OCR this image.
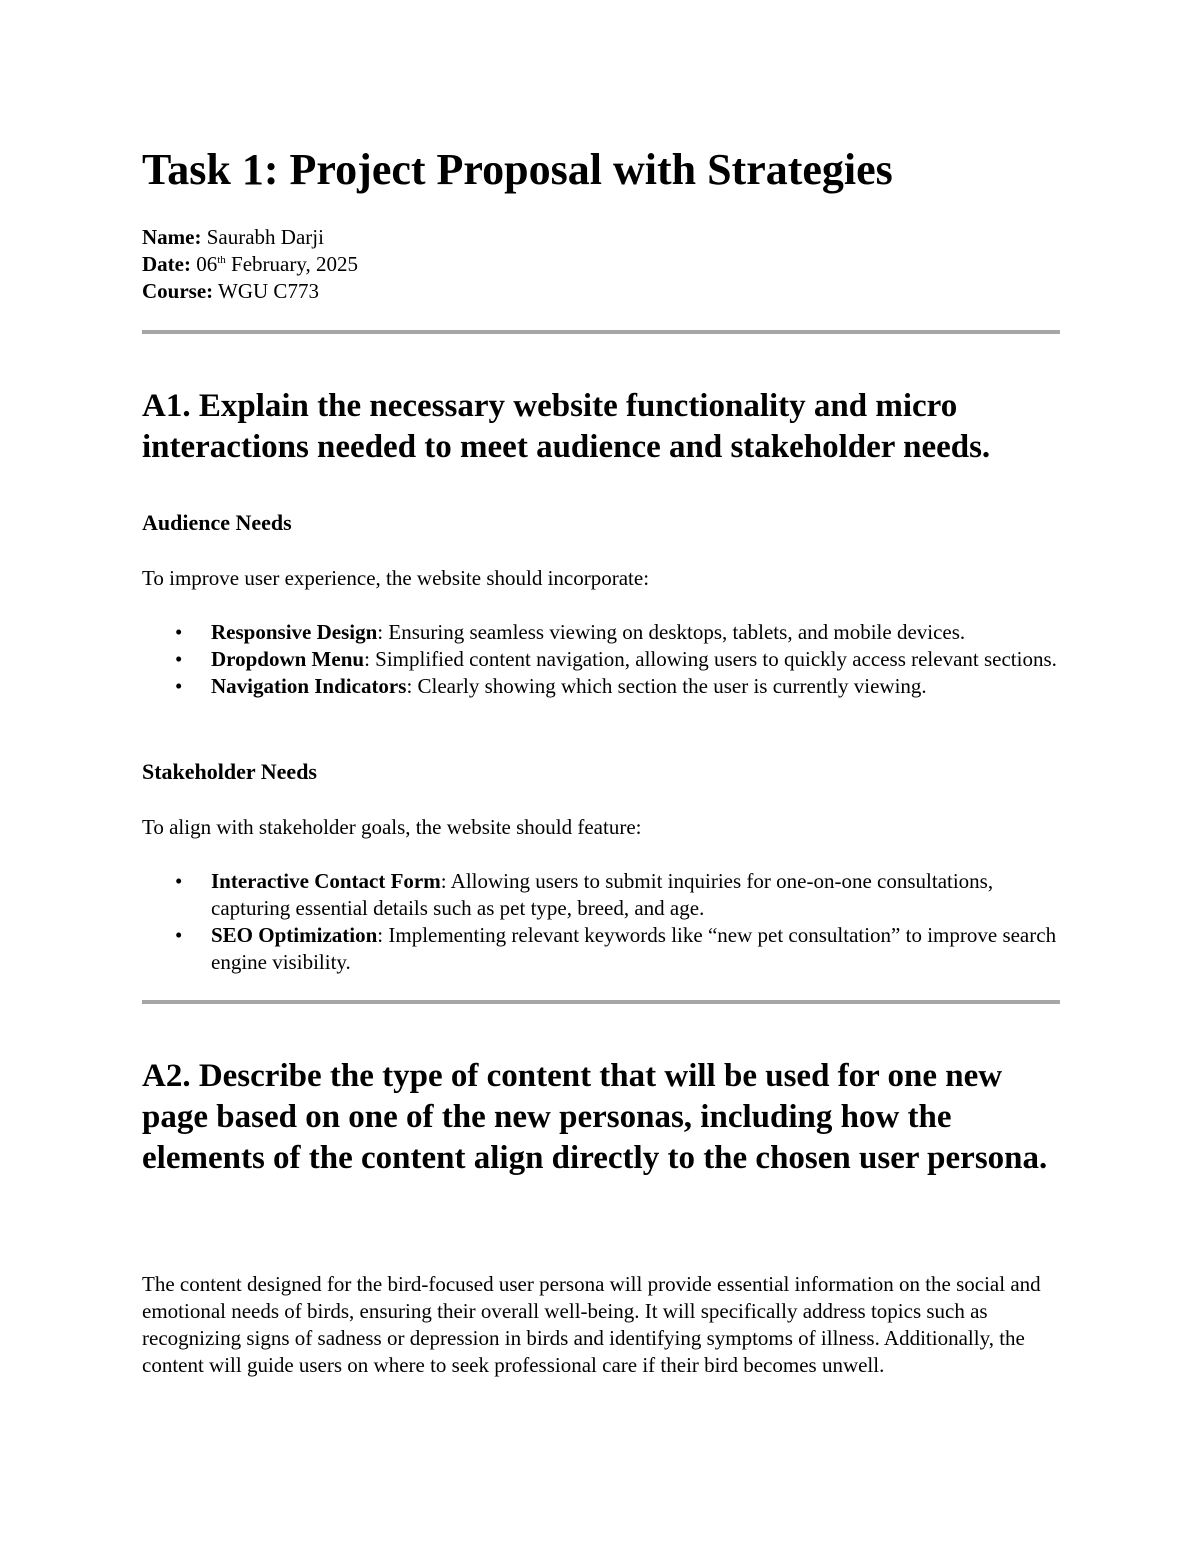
Task 1: Project Proposal with Strategies
Name: Saurabh Darji
Date: 06th February, 2025
Course: WGU C773
A1. Explain the necessary website functionality and micro interactions needed to meet audience and stakeholder needs.
Audience Needs

To improve user experience, the website should incorporate:

• Responsive Design: Ensuring seamless viewing on desktops, tablets, and mobile devices.
• Dropdown Menu: Simplified content navigation, allowing users to quickly access relevant sections.
• Navigation Indicators: Clearly showing which section the user is currently viewing.
Stakeholder Needs

To align with stakeholder goals, the website should feature:

• Interactive Contact Form: Allowing users to submit inquiries for one-on-one consultations, capturing essential details such as pet type, breed, and age.
• SEO Optimization: Implementing relevant keywords like “new pet consultation” to improve search engine visibility.
A2. Describe the type of content that will be used for one new page based on one of the new personas, including how the elements of the content align directly to the chosen user persona.

The content designed for the bird-focused user persona will provide essential information on the social and emotional needs of birds, ensuring their overall well-being. It will specifically address topics such as recognizing signs of sadness or depression in birds and identifying symptoms of illness. Additionally, the content will guide users on where to seek professional care if their bird becomes unwell.
